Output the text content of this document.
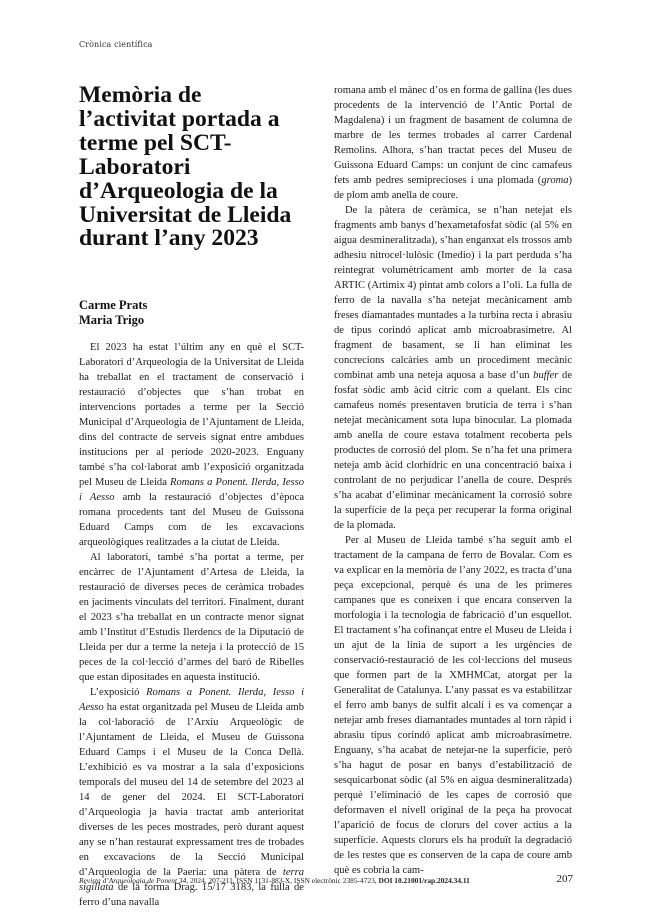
Crònica científica
Memòria de l’activitat portada a terme pel SCT-Laboratori d’Arqueologia de la Universitat de Lleida durant l’any 2023
Carme Prats
Maria Trigo

El 2023 ha estat l’últim any en què el SCT-Laboratori d’Arqueologia de la Universitat de Lleida ha treballat en el tractament de conservació i restauració d’objectes que s’han trobat en intervencions portades a terme per la Secció Municipal d’Arqueologia de l’Ajuntament de Lleida, dins del contracte de serveis signat entre ambdues institucions per al període 2020-2023. Enguany també s’ha col·laborat amb l’exposició organitzada pel Museu de Lleida Romans a Ponent. Ilerda, Iesso i Aesso amb la restauració d’objectes d’època romana procedents tant del Museu de Guissona Eduard Camps com de les excavacions arqueològiques realitzades a la ciutat de Lleida.

Al laboratori, també s’ha portat a terme, per encàrrec de l’Ajuntament d’Artesa de Lleida, la restauració de diverses peces de ceràmica trobades en jaciments vinculats del territori. Finalment, durant el 2023 s’ha treballat en un contracte menor signat amb l’Institut d’Estudis Ilerdencs de la Diputació de Lleida per dur a terme la neteja i la protecció de 15 peces de la col·lecció d’armes del baró de Ribelles que estan dipositades en aquesta institució.

L’exposició Romans a Ponent. Ilerda, Iesso i Aesso ha estat organitzada pel Museu de Lleida amb la col·laboració de l’Arxiu Arqueològic de l’Ajuntament de Lleida, el Museu de Guissona Eduard Camps i el Museu de la Conca Dellà. L’exhibició es va mostrar a la sala d’exposicions temporals del museu del 14 de setembre del 2023 al 14 de gener del 2024. El SCT-Laboratori d’Arqueologia ja havia tractat amb anterioritat diverses de les peces mostrades, però durant aquest any se n’han restaurat expressament tres de trobades en excavacions de la Secció Municipal d’Arqueologia de la Paeria: una pàtera de terra sigillata de la forma Drag. 15/17 3183, la fulla de ferro d’una navalla

romana amb el mànec d’os en forma de gallina (les dues procedents de la intervenció de l’Antic Portal de Magdalena) i un fragment de basament de columna de marbre de les termes trobades al carrer Cardenal Remolins. Alhora, s’han tractat peces del Museu de Guissona Eduard Camps: un conjunt de cinc camafeus fets amb pedres semiprecioses i una plomada (groma) de plom amb anella de coure.

De la pàtera de ceràmica, se n’han netejat els fragments amb banys d’hexametafosfat sòdic (al 5% en aigua desmineralitzada), s’han enganxat els trossos amb adhesiu nitrocel·lulòsic (Imedio) i la part perduda s’ha reintegrat volumètricament amb morter de la casa ARTIC (Artimix 4) pintat amb colors a l’oli. La fulla de ferro de la navalla s’ha netejat mecànicament amb freses diamantades muntades a la turbina recta i abrasiu de tipus corindó aplicat amb microabrasímetre. Al fragment de basament, se li han eliminat les concrecions calcàries amb un procediment mecànic combinat amb una neteja aquosa a base d’un buffer de fosfat sòdic amb àcid cítric com a quelant. Els cinc camafeus només presentaven bruticia de terra i s’han netejat mecànicament sota lupa binocular. La plomada amb anella de coure estava totalment recoberta pels productes de corrosió del plom. Se n’ha fet una primera neteja amb àcid clorhídric en una concentració baixa i controlant de no perjudicar l’anella de coure. Després s’ha acabat d’eliminar mecànicament la corrosió sobre la superfície de la peça per recuperar la forma original de la plomada.

Per al Museu de Lleida també s’ha seguit amb el tractament de la campana de ferro de Bovalar. Com es va explicar en la memòria de l’any 2022, es tracta d’una peça excepcional, perquè és una de les primeres campanes que es coneixen i que encara conserven la morfologia i la tecnologia de fabricació d’un esquellot. El tractament s’ha cofinançat entre el Museu de Lleida i un ajut de la línia de suport a les urgències de conservació-restauració de les col·leccions del museus que formen part de la XMHMCat, atorgat per la Generalitat de Catalunya. L’any passat es va estabilitzar el ferro amb banys de sulfit alcalí i es va començar a netejar amb freses diamantades muntades al torn ràpid i abrasiu tipus corindó aplicat amb microabrasímetre. Enguany, s’ha acabat de netejar-ne la superfície, però s’ha hagut de posar en banys d’estabilització de sesquicarbonat sòdic (al 5% en aigua desmineralitzada) perquè l’eliminació de les capes de corrosió que deformaven el nivell original de la peça ha provocat l’aparició de focus de clorurs del cover actius a la superfície. Aquests clorurs els ha produït la degradació de les restes que es conserven de la capa de coure amb què es cobria la cam-

Revista d’Arqueologia de Ponent 34, 2024, 207-211, ISSN 1131-883-X, ISSN electrònic 2385-4723, DOI 10.21001/rap.2024.34.11	207
